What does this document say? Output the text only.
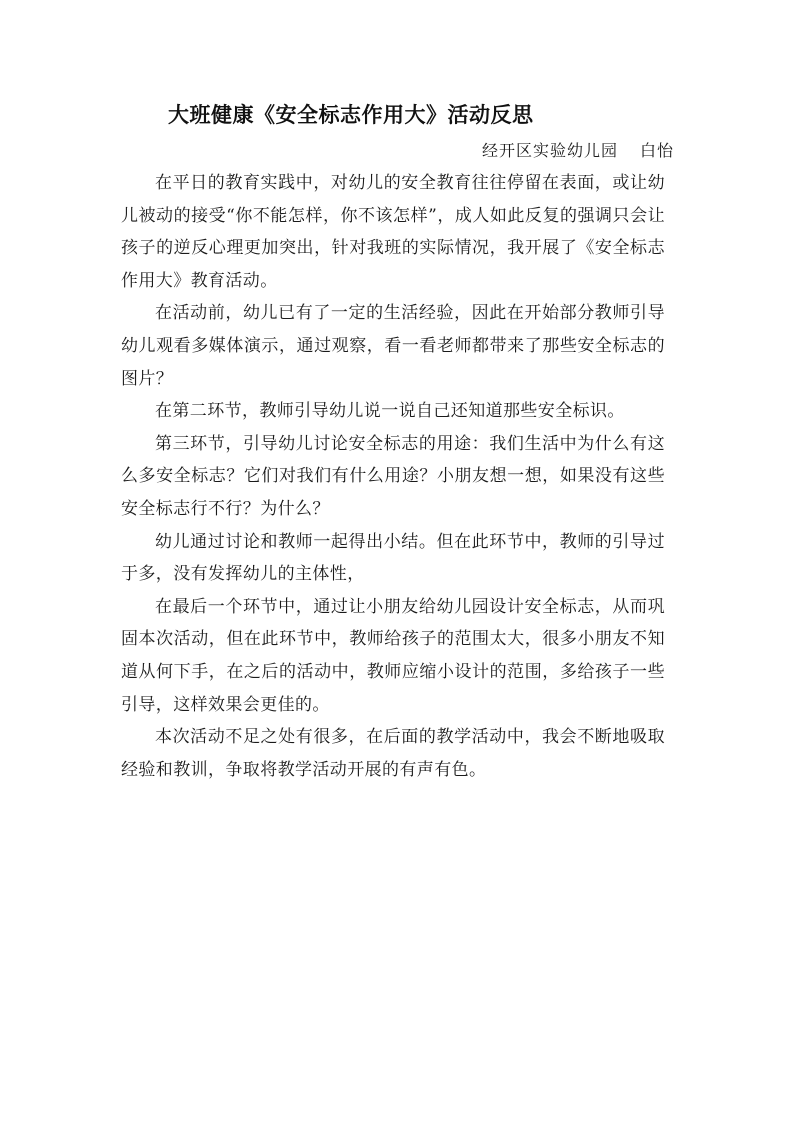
大班健康《安全标志作用大》活动反思
经开区实验幼儿园 白怡

在平日的教育实践中，对幼儿的安全教育往往停留在表面，或让幼儿被动的接受“你不能怎样，你不该怎样”，成人如此反复的强调只会让孩子的逆反心理更加突出，针对我班的实际情况，我开展了《安全标志作用大》教育活动。

在活动前，幼儿已有了一定的生活经验，因此在开始部分教师引导幼儿观看多媒体演示，通过观察，看一看老师都带来了那些安全标志的图片？

在第二环节，教师引导幼儿说一说自己还知道那些安全标识。

第三环节，引导幼儿讨论安全标志的用途：我们生活中为什么有这么多安全标志？它们对我们有什么用途？小朋友想一想，如果没有这些安全标志行不行？为什么？

幼儿通过讨论和教师一起得出小结。但在此环节中，教师的引导过于多，没有发挥幼儿的主体性，

在最后一个环节中，通过让小朋友给幼儿园设计安全标志，从而巩固本次活动，但在此环节中，教师给孩子的范围太大，很多小朋友不知道从何下手，在之后的活动中，教师应缩小设计的范围，多给孩子一些引导，这样效果会更佳的。

本次活动不足之处有很多，在后面的教学活动中，我会不断地吸取经验和教训，争取将教学活动开展的有声有色。
